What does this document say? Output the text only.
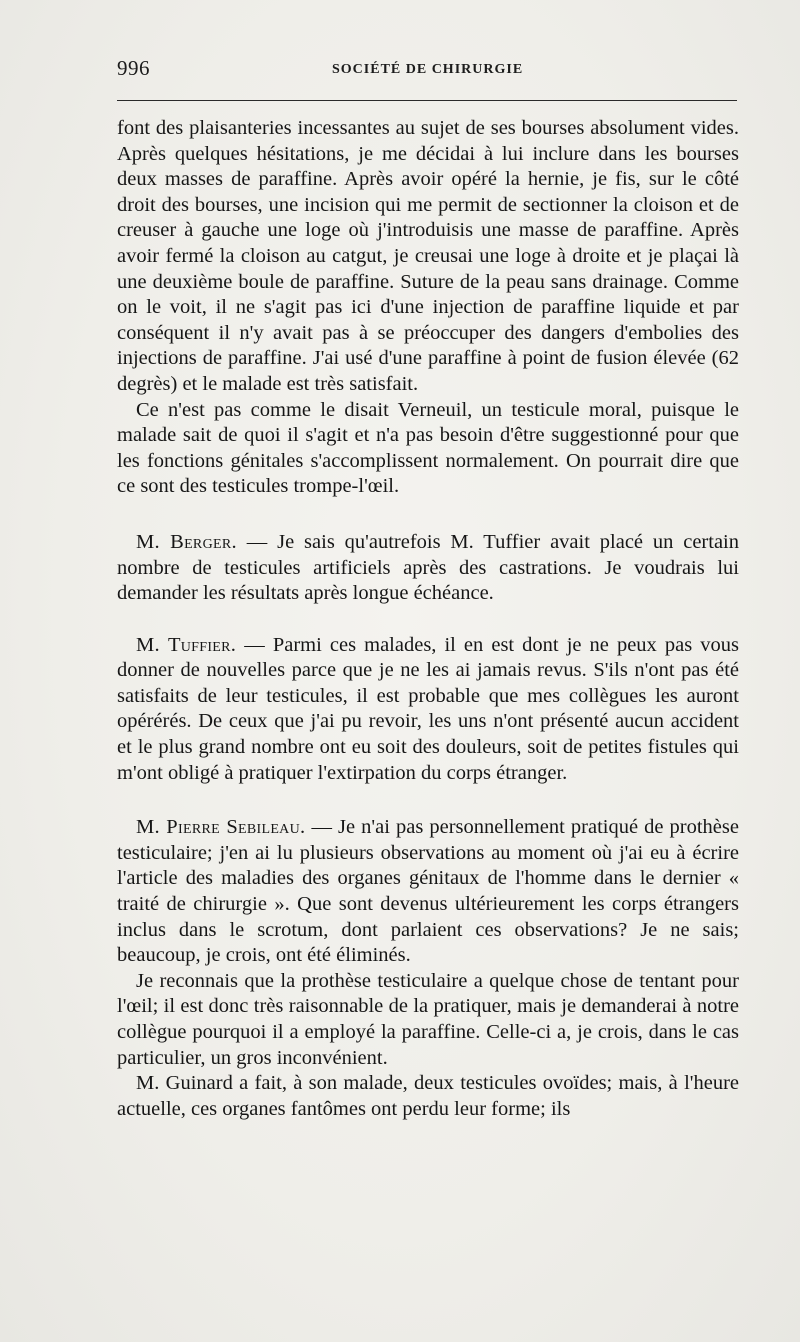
996	SOCIÉTÉ DE CHIRURGIE

font des plaisanteries incessantes au sujet de ses bourses absolument vides. Après quelques hésitations, je me décidai à lui inclure dans les bourses deux masses de paraffine. Après avoir opéré la hernie, je fis, sur le côté droit des bourses, une incision qui me permit de sectionner la cloison et de creuser à gauche une loge où j'introduisis une masse de paraffine. Après avoir fermé la cloison au catgut, je creusai une loge à droite et je plaçai là une deuxième boule de paraffine. Suture de la peau sans drainage. Comme on le voit, il ne s'agit pas ici d'une injection de paraffine liquide et par conséquent il n'y avait pas à se préoccuper des dangers d'embolies des injections de paraffine. J'ai usé d'une paraffine à point de fusion élevée (62 degrès) et le malade est très satisfait.

Ce n'est pas comme le disait Verneuil, un testicule moral, puisque le malade sait de quoi il s'agit et n'a pas besoin d'être suggestionné pour que les fonctions génitales s'accomplissent normalement. On pourrait dire que ce sont des testicules trompe-l'œil.

M. Berger. — Je sais qu'autrefois M. Tuffier avait placé un certain nombre de testicules artificiels après des castrations. Je voudrais lui demander les résultats après longue échéance.

M. Tuffier. — Parmi ces malades, il en est dont je ne peux pas vous donner de nouvelles parce que je ne les ai jamais revus. S'ils n'ont pas été satisfaits de leur testicules, il est probable que mes collègues les auront opérérés. De ceux que j'ai pu revoir, les uns n'ont présenté aucun accident et le plus grand nombre ont eu soit des douleurs, soit de petites fistules qui m'ont obligé à pratiquer l'extirpation du corps étranger.

M. Pierre Sebileau. — Je n'ai pas personnellement pratiqué de prothèse testiculaire; j'en ai lu plusieurs observations au moment où j'ai eu à écrire l'article des maladies des organes génitaux de l'homme dans le dernier « traité de chirurgie ». Que sont devenus ultérieurement les corps étrangers inclus dans le scrotum, dont parlaient ces observations? Je ne sais; beaucoup, je crois, ont été éliminés.

Je reconnais que la prothèse testiculaire a quelque chose de tentant pour l'œil; il est donc très raisonnable de la pratiquer, mais je demanderai à notre collègue pourquoi il a employé la paraffine. Celle-ci a, je crois, dans le cas particulier, un gros inconvénient.

M. Guinard a fait, à son malade, deux testicules ovoïdes; mais, à l'heure actuelle, ces organes fantômes ont perdu leur forme; ils
